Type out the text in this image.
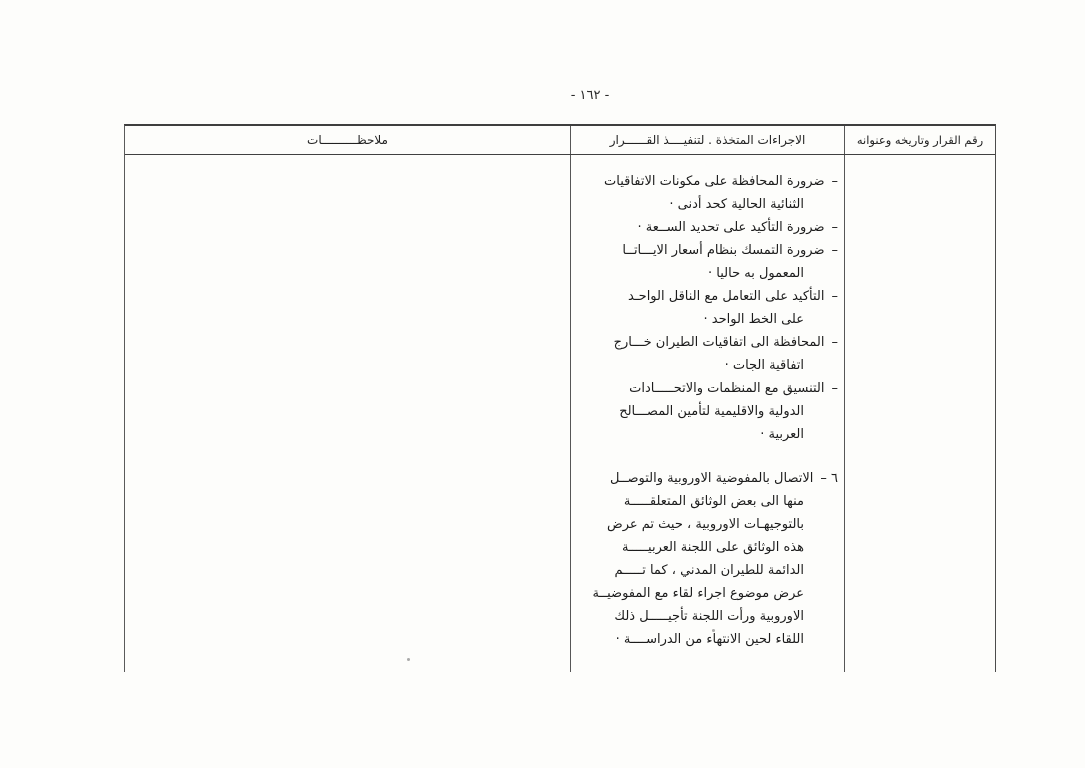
- ١٦٢ -
رقم القرار وتاريخه وعنوانه
الاجراءات المتخذة . لتنفيــــذ القــــــرار
ملاحظــــــــــات
–ضرورة المحافظة على مكونات الاتفاقيات
الثنائية الحالية كحد أدنى ·
–ضرورة التأكيد على تحديد الســعة ·
–ضرورة التمسك بنظام أسعار الايـــاتــا
المعمول به حاليا ·
–التأكيد على التعامل مع الناقل الواحـد
على الخط الواحد ·
–المحافظة الى اتفاقيات الطيران خـــارج
اتفاقية الجات ·
–التنسيق مع المنظمات والاتحـــــادات
الدولية والاقليمية لتأمين المصـــالح
العربية ·
٦ –الاتصال بالمفوضية الاوروبية والتوصــل
منها الى بعض الوثائق المتعلقـــــة
بالتوجيهـات الاوروبية ، حيث تم عرض
هذه الوثائق على اللجنة العربيـــــة
الدائمة للطيران المدني ، كما تـــــم
عرض موضوع اجراء لقاء مع المفوضيــة
الاوروبية ورأت اللجنة تأجيـــــل ذلك
اللقاء لحين الانتهاء من الدراســــة ·
